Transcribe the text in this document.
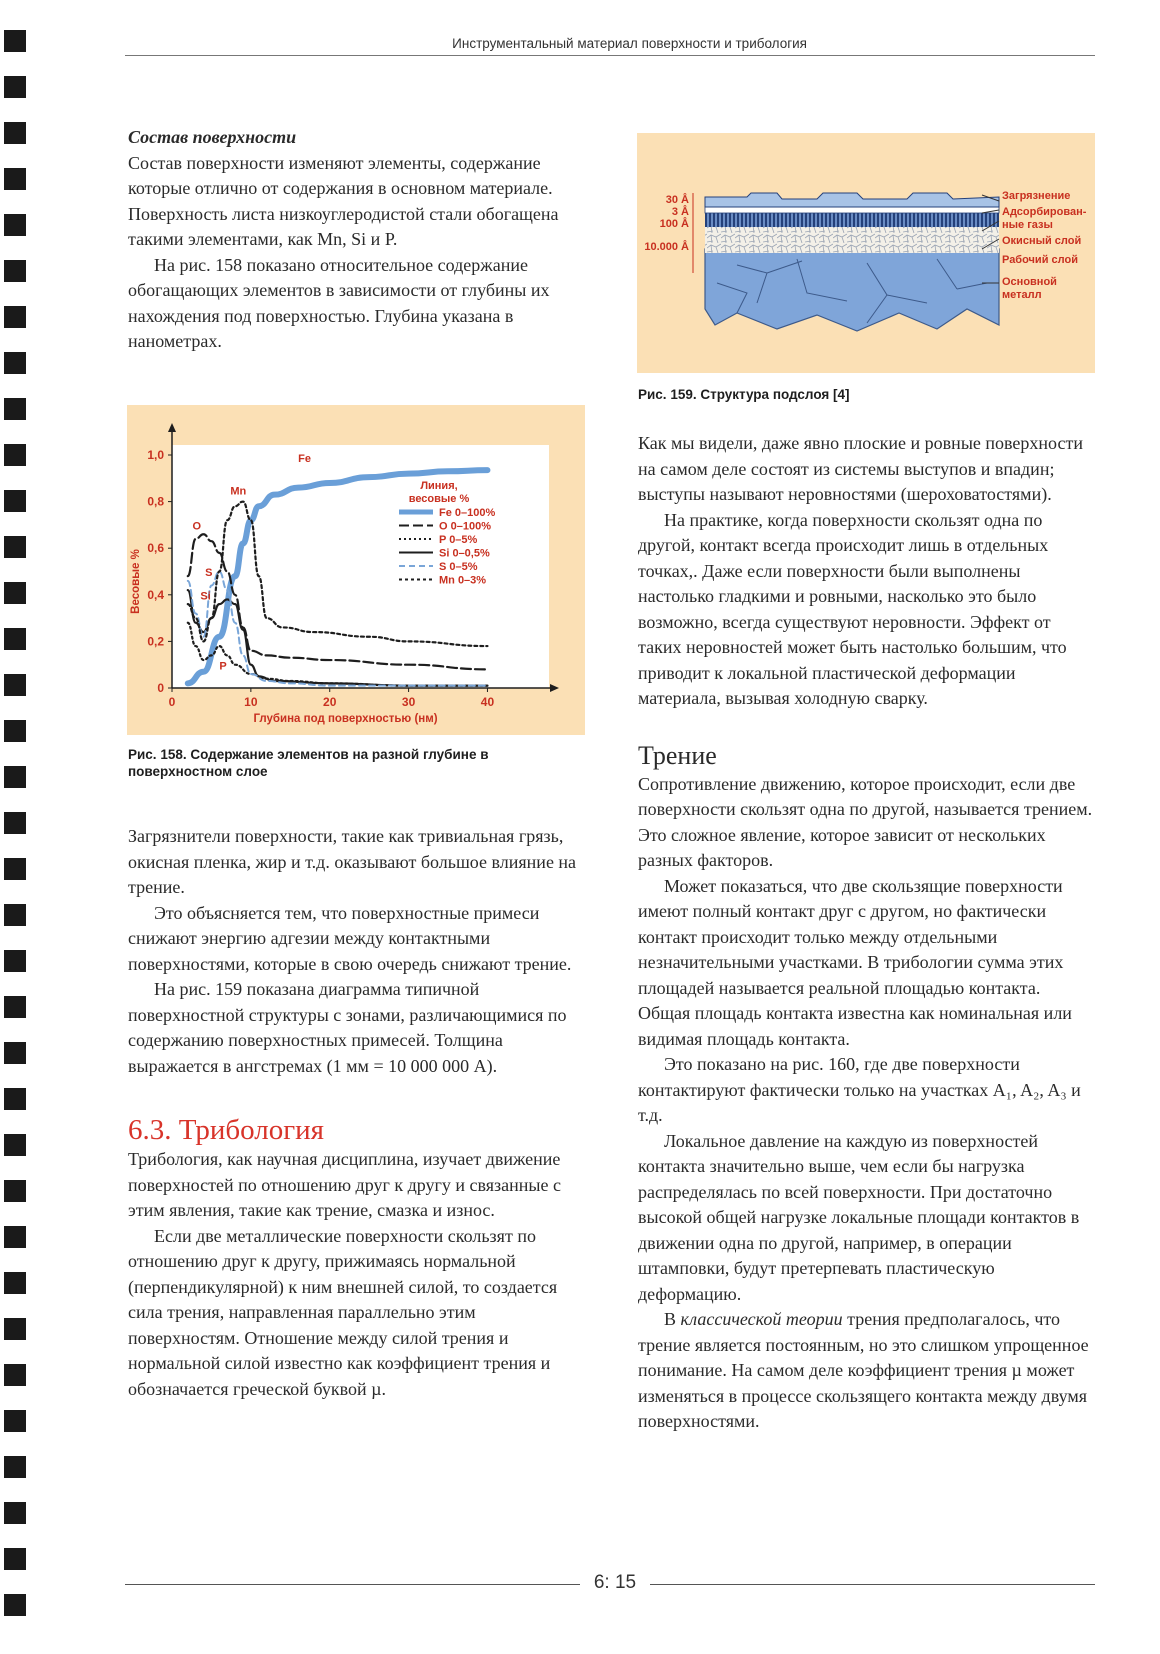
Инструментальный материал поверхности и трибология

Состав поверхности

Состав поверхности изменяют элементы, содержание которые отлично от содержания в основном материале. Поверхность листа низкоуглеродистой стали обогащена такими элементами, как Mn, Si и P.

На рис. 158 показано относительное содержание обогащающих элементов в зависимости от глубины их нахождения под поверхностью. Глубина указана в нанометрах.

0	10	20	30	40
0
0,2
0,4
0,6
0,8
1,0
Глубина под поверхностью (нм)
Весовые %
Fe
O
P
Si
S
Mn	Линия,
весовые %
Fe 0–100%
O 0–100%
P 0–5%
Si 0–0,5%
S 0–5%
Mn 0–3%
Рис. 158. Содержание элементов на разной глубине в поверхностном слое

Загрязнители поверхности, такие как тривиальная грязь, окисная пленка, жир и т.д. оказывают большое влияние на трение.

Это объясняется тем, что поверхностные примеси снижают энергию адгезии между контактными поверхностями, которые в свою очередь снижают трение.

На рис. 159 показана диаграмма типичной поверхностной структуры с зонами, различающимися по содержанию поверхностных примесей. Толщина выражается в ангстремах (1 мм = 10 000 000 А).

6.3. Трибология

Трибология, как научная дисциплина, изучает движение поверхностей по отношению друг к другу и связанные с этим явления, такие как трение, смазка и износ.

Если две металлические поверхности скользят по отношению друг к другу, прижимаясь нормальной (перпендикулярной) к ним внешней силой, то создается сила трения, направленная параллельно этим поверхностям. Отношение между силой трения и нормальной силой известно как коэффициент трения и обозначается греческой буквой µ.

30 Å
3 Å
100 Å
10.000 Å
Загрязнение
Адсорбирован-
ные газы
Окисный слой
Рабочий слой
Основной
металл
Рис. 159. Структура подслоя [4]

Как мы видели, даже явно плоские и ровные поверхности на самом деле состоят из системы выступов и впадин; выступы называют неровностями (шероховатостями).

На практике, когда поверхности скользят одна по другой, контакт всегда происходит лишь в отдельных точках,. Даже если поверхности были выполнены настолько гладкими и ровными, насколько это было возможно, всегда существуют неровности. Эффект от таких неровностей может быть настолько большим, что приводит к локальной пластической деформации материала, вызывая холодную сварку.

Трение

Сопротивление движению, которое происходит, если две поверхности скользят одна по другой, называется трением. Это сложное явление, которое зависит от нескольких разных факторов.

Может показаться, что две скользящие поверхности имеют полный контакт друг с другом, но фактически контакт происходит только между отдельными незначительными участками. В трибологии сумма этих площадей называется реальной площадью контакта. Общая площадь контакта известна как номинальная или видимая площадь контакта.

Это показано на рис. 160, где две поверхности контактируют фактически только на участках A₁, A₂, A₃ и т.д.

Локальное давление на каждую из поверхностей контакта значительно выше, чем если бы нагрузка распределялась по всей поверхности. При достаточно высокой общей нагрузке локальные площади контактов в движении одна по другой, например, в операции штамповки, будут претерпевать пластическую деформацию.

В классической теории трения предполагалось, что трение является постоянным, но это слишком упрощенное понимание. На самом деле коэффициент трения µ может изменяться в процессе скользящего контакта между двумя поверхностями.

6: 15
